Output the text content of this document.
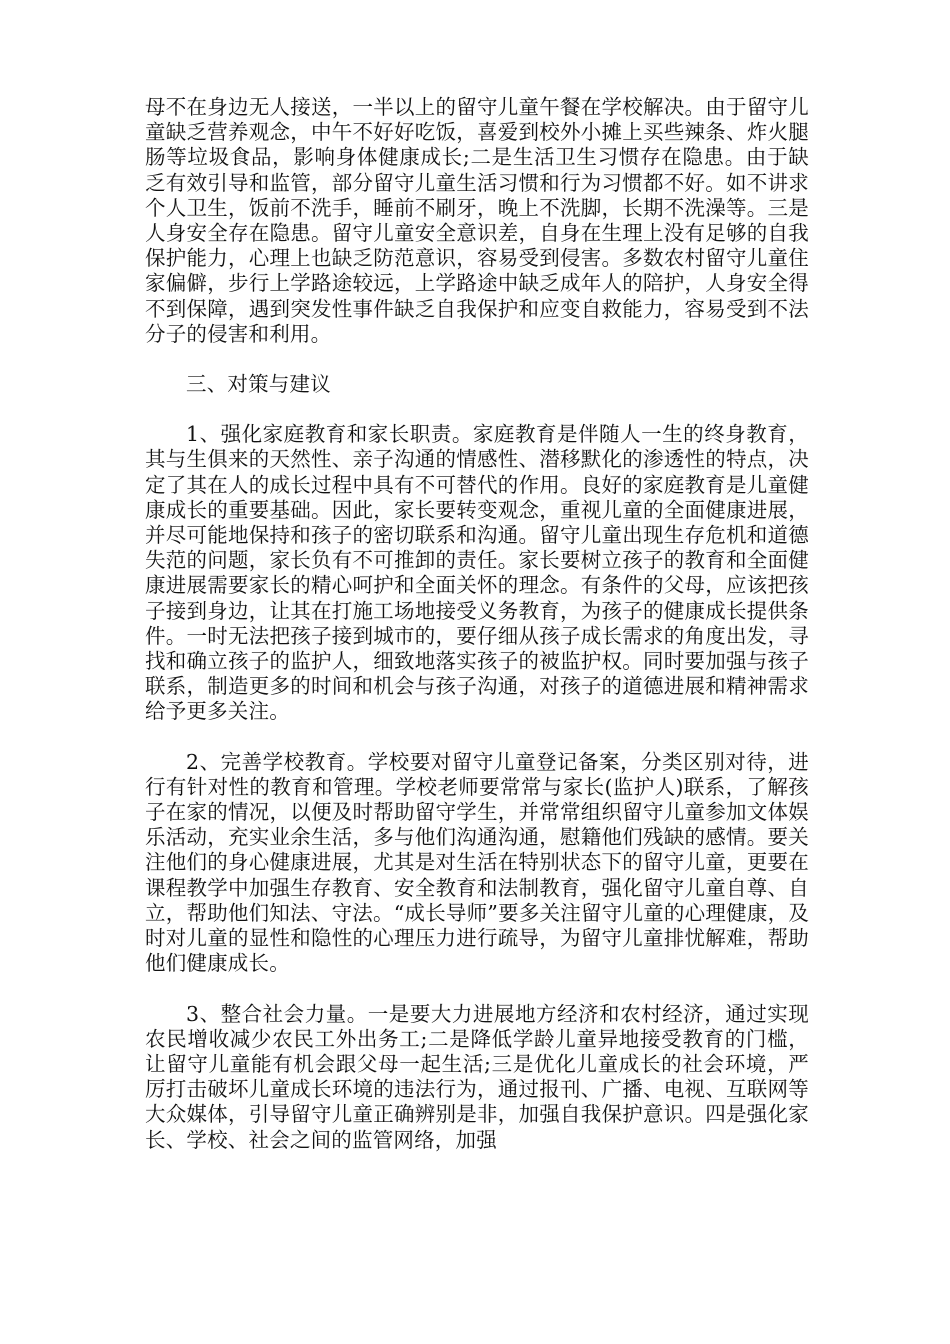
母不在身边无人接送，一半以上的留守儿童午餐在学校解决。由于留守儿童缺乏营养观念，中午不好好吃饭，喜爱到校外小摊上买些辣条、炸火腿肠等垃圾食品，影响身体健康成长;二是生活卫生习惯存在隐患。由于缺乏有效引导和监管，部分留守儿童生活习惯和行为习惯都不好。如不讲求个人卫生，饭前不洗手，睡前不刷牙，晚上不洗脚，长期不洗澡等。三是人身安全存在隐患。留守儿童安全意识差，自身在生理上没有足够的自我保护能力，心理上也缺乏防范意识，容易受到侵害。多数农村留守儿童住家偏僻，步行上学路途较远，上学路途中缺乏成年人的陪护，人身安全得不到保障，遇到突发性事件缺乏自我保护和应变自救能力，容易受到不法分子的侵害和利用。

三、对策与建议

1、强化家庭教育和家长职责。家庭教育是伴随人一生的终身教育，其与生俱来的天然性、亲子沟通的情感性、潜移默化的渗透性的特点，决定了其在人的成长过程中具有不可替代的作用。良好的家庭教育是儿童健康成长的重要基础。因此，家长要转变观念，重视儿童的全面健康进展，并尽可能地保持和孩子的密切联系和沟通。留守儿童出现生存危机和道德失范的问题，家长负有不可推卸的责任。家长要树立孩子的教育和全面健康进展需要家长的精心呵护和全面关怀的理念。有条件的父母，应该把孩子接到身边，让其在打施工场地接受义务教育，为孩子的健康成长提供条件。一时无法把孩子接到城市的，要仔细从孩子成长需求的角度出发，寻找和确立孩子的监护人，细致地落实孩子的被监护权。同时要加强与孩子联系，制造更多的时间和机会与孩子沟通，对孩子的道德进展和精神需求给予更多关注。

2、完善学校教育。学校要对留守儿童登记备案，分类区别对待，进行有针对性的教育和管理。学校老师要常常与家长(监护人)联系，了解孩子在家的情况，以便及时帮助留守学生，并常常组织留守儿童参加文体娱乐活动，充实业余生活，多与他们沟通沟通，慰籍他们残缺的感情。要关注他们的身心健康进展，尤其是对生活在特别状态下的留守儿童，更要在课程教学中加强生存教育、安全教育和法制教育，强化留守儿童自尊、自立，帮助他们知法、守法。“成长导师”要多关注留守儿童的心理健康，及时对儿童的显性和隐性的心理压力进行疏导，为留守儿童排忧解难，帮助他们健康成长。

3、整合社会力量。一是要大力进展地方经济和农村经济，通过实现农民增收减少农民工外出务工;二是降低学龄儿童异地接受教育的门槛，让留守儿童能有机会跟父母一起生活;三是优化儿童成长的社会环境，严厉打击破坏儿童成长环境的违法行为，通过报刊、广播、电视、互联网等大众媒体，引导留守儿童正确辨别是非，加强自我保护意识。四是强化家长、学校、社会之间的监管网络，加强
